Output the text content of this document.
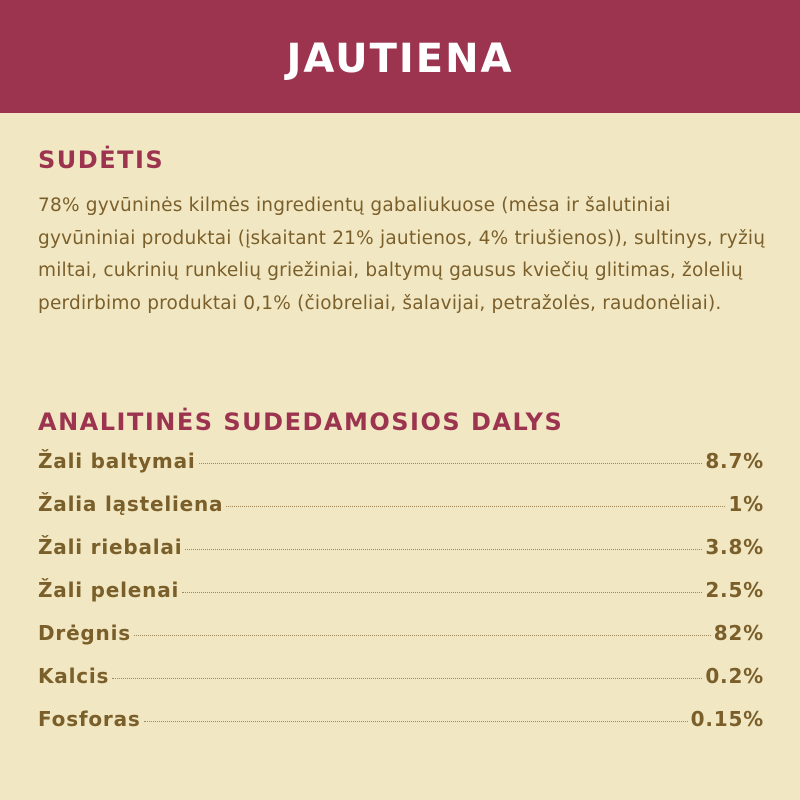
JAUTIENA
SUDĖTIS

78% gyvūninės kilmės ingredientų gabaliukuose (mėsa ir šalutiniai gyvūniniai produktai (įskaitant 21% jautienos, 4% triušienos)), sultinys, ryžių miltai, cukrinių runkelių griežiniai, baltymų gausus kviečių glitimas, žolelių perdirbimo produktai 0,1% (čiobreliai, šalavijai, petražolės, raudonėliai).

ANALITINĖS SUDEDAMOSIOS DALYS
Žali baltymai	8.7%
Žalia ląsteliena	1%
Žali riebalai	3.8%
Žali pelenai	2.5%
Drėgnis	82%
Kalcis	0.2%
Fosforas	0.15%
